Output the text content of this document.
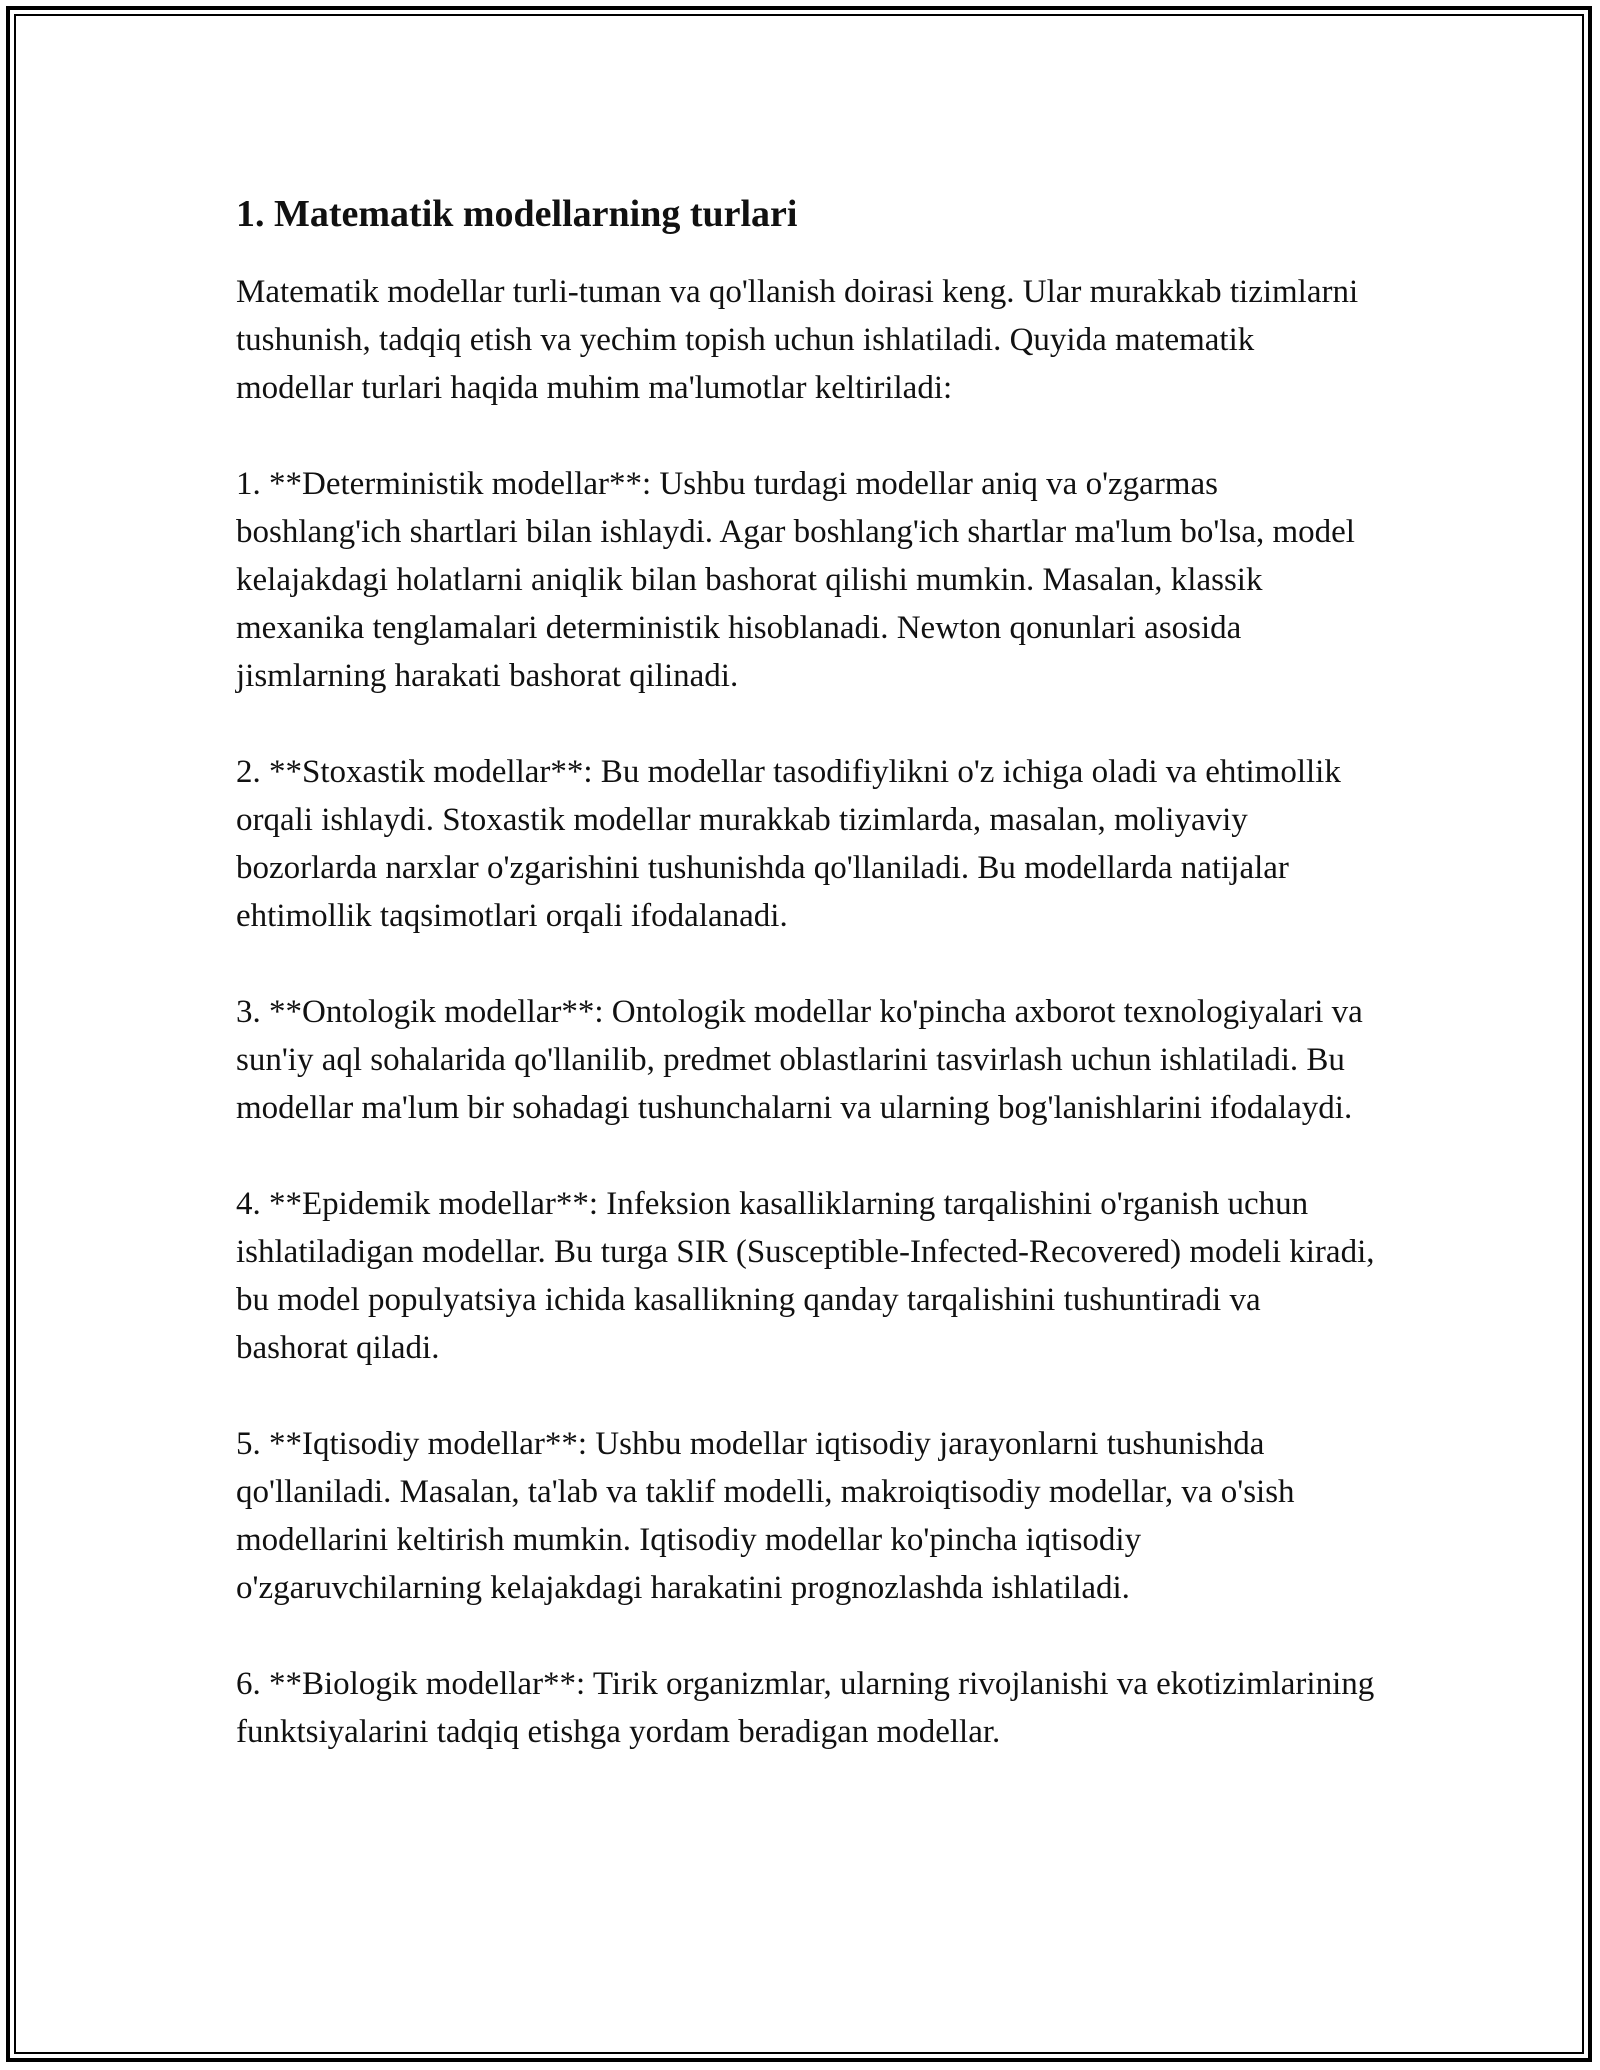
1. Matematik modellarning turlari

Matematik modellar turli-tuman va qo'llanish doirasi keng. Ular murakkab tizimlarni tushunish, tadqiq etish va yechim topish uchun ishlatiladi. Quyida matematik modellar turlari haqida muhim ma'lumotlar keltiriladi:

1. **Deterministik modellar**: Ushbu turdagi modellar aniq va o'zgarmas boshlang'ich shartlari bilan ishlaydi. Agar boshlang'ich shartlar ma'lum bo'lsa, model kelajakdagi holatlarni aniqlik bilan bashorat qilishi mumkin. Masalan, klassik mexanika tenglamalari deterministik hisoblanadi. Newton qonunlari asosida jismlarning harakati bashorat qilinadi.

2. **Stoxastik modellar**: Bu modellar tasodifiylikni o'z ichiga oladi va ehtimollik orqali ishlaydi. Stoxastik modellar murakkab tizimlarda, masalan, moliyaviy bozorlarda narxlar o'zgarishini tushunishda qo'llaniladi. Bu modellarda natijalar ehtimollik taqsimotlari orqali ifodalanadi.

3. **Ontologik modellar**: Ontologik modellar ko'pincha axborot texnologiyalari va sun'iy aql sohalarida qo'llanilib, predmet oblastlarini tasvirlash uchun ishlatiladi. Bu modellar ma'lum bir sohadagi tushunchalarni va ularning bog'lanishlarini ifodalaydi.

4. **Epidemik modellar**: Infeksion kasalliklarning tarqalishini o'rganish uchun ishlatiladigan modellar. Bu turga SIR (Susceptible-Infected-Recovered) modeli kiradi, bu model populyatsiya ichida kasallikning qanday tarqalishini tushuntiradi va bashorat qiladi.

5. **Iqtisodiy modellar**: Ushbu modellar iqtisodiy jarayonlarni tushunishda qo'llaniladi. Masalan, ta'lab va taklif modelli, makroiqtisodiy modellar, va o'sish modellarini keltirish mumkin. Iqtisodiy modellar ko'pincha iqtisodiy o'zgaruvchilarning kelajakdagi harakatini prognozlashda ishlatiladi.

6. **Biologik modellar**: Tirik organizmlar, ularning rivojlanishi va ekotizimlarining funktsiyalarini tadqiq etishga yordam beradigan modellar.
